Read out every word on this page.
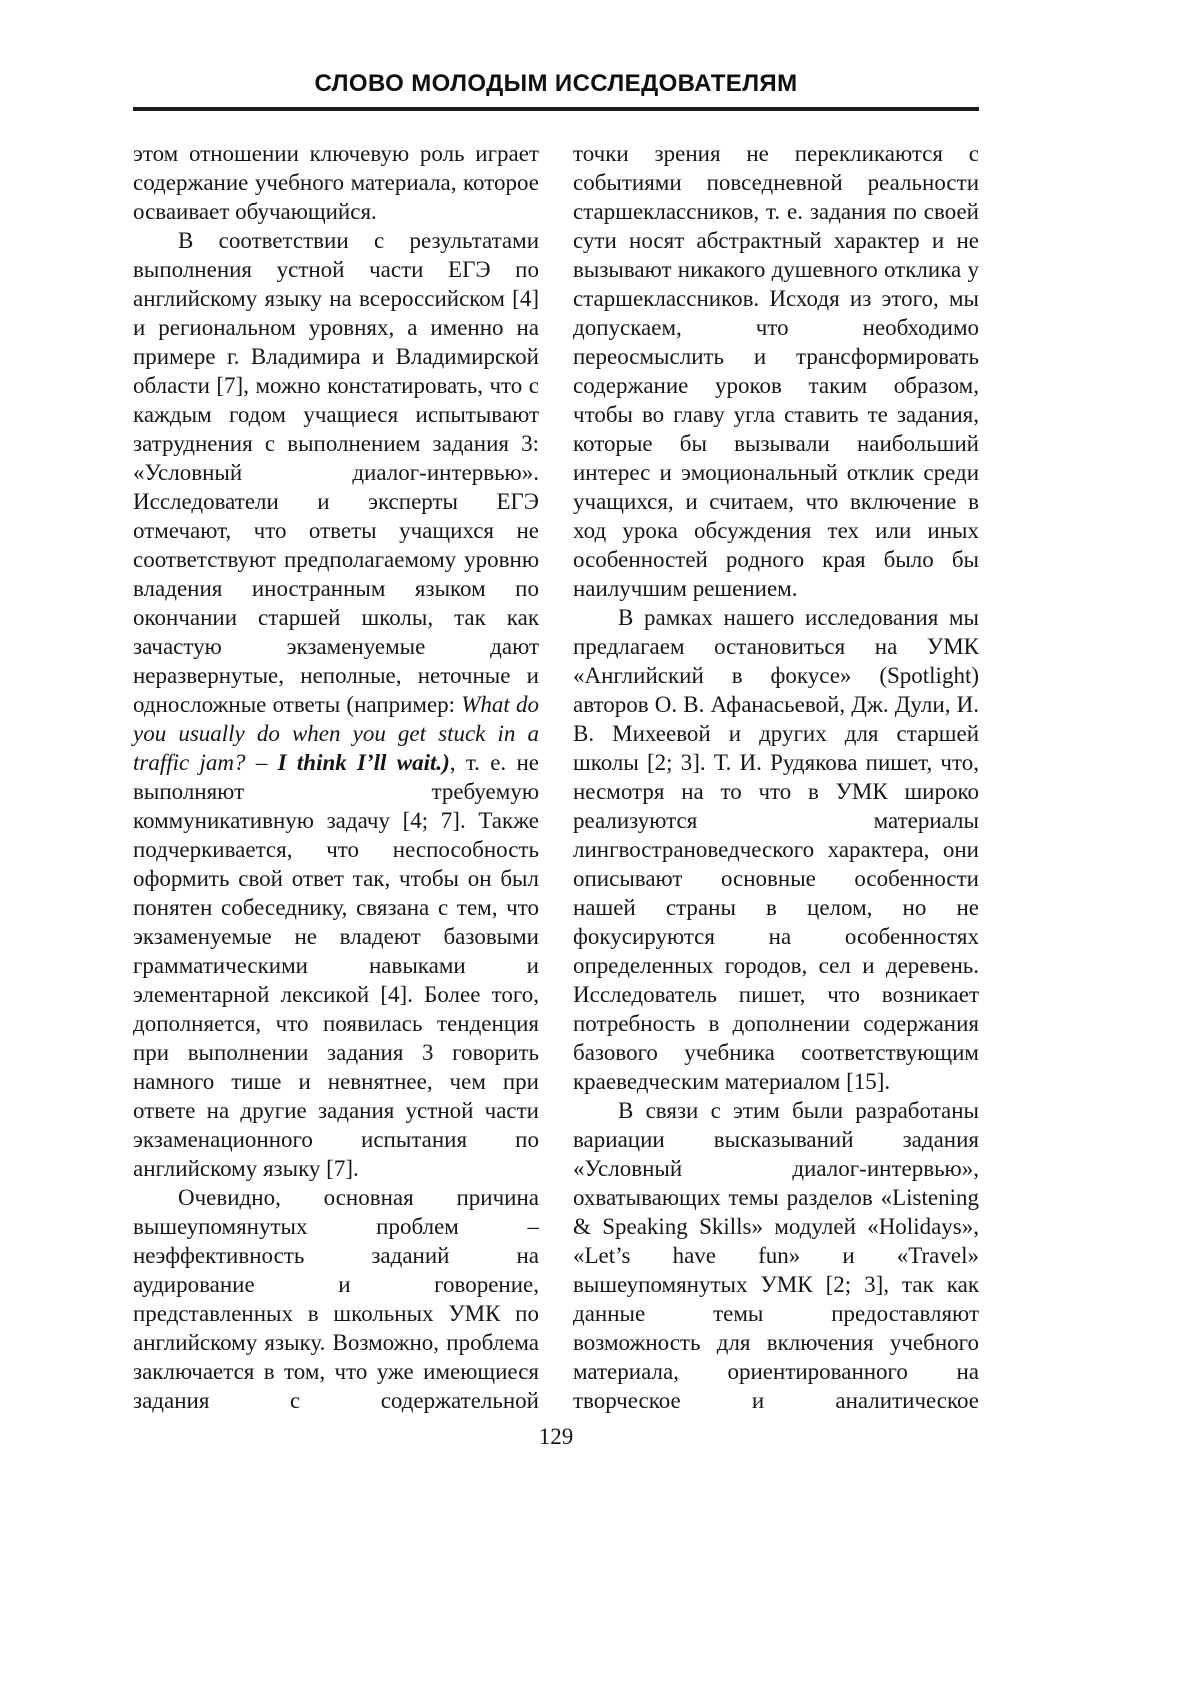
СЛОВО МОЛОДЫМ ИССЛЕДОВАТЕЛЯМ

этом отношении ключевую роль играет содержание учебного материала, которое осваивает обучающийся.

В соответствии с результатами выполнения устной части ЕГЭ по английскому языку на всероссийском [4] и региональном уровнях, а именно на примере г. Владимира и Владимирской области [7], можно констатировать, что с каждым годом учащиеся испытывают затруднения с выполнением задания 3: «Условный диалог-интервью». Исследователи и эксперты ЕГЭ отмечают, что ответы учащихся не соответствуют предполагаемому уровню владения иностранным языком по окончании старшей школы, так как зачастую экзаменуемые дают неразвернутые, неполные, неточные и односложные ответы (например: What do you usually do when you get stuck in a traffic jam? – I think I’ll wait.), т. е. не выполняют требуемую коммуникативную задачу [4; 7]. Также подчеркивается, что неспособность оформить свой ответ так, чтобы он был понятен собеседнику, связана с тем, что экзаменуемые не владеют базовыми грамматическими навыками и элементарной лексикой [4]. Более того, дополняется, что появилась тенденция при выполнении задания 3 говорить намного тише и невнятнее, чем при ответе на другие задания устной части экзаменационного испытания по английскому языку [7].

Очевидно, основная причина вышеупомянутых проблем – неэффективность заданий на аудирование и говорение, представленных в школьных УМК по английскому языку. Возможно, проблема заключается в том, что уже имеющиеся задания с содержательной

точки зрения не перекликаются с событиями повседневной реальности старшеклассников, т. е. задания по своей сути носят абстрактный характер и не вызывают никакого душевного отклика у старшеклассников. Исходя из этого, мы допускаем, что необходимо переосмыслить и трансформировать содержание уроков таким образом, чтобы во главу угла ставить те задания, которые бы вызывали наибольший интерес и эмоциональный отклик среди учащихся, и считаем, что включение в ход урока обсуждения тех или иных особенностей родного края было бы наилучшим решением.

В рамках нашего исследования мы предлагаем остановиться на УМК «Английский в фокусе» (Spotlight) авторов О. В. Афанасьевой, Дж. Дули, И. В. Михеевой и других для старшей школы [2; 3]. Т. И. Рудякова пишет, что, несмотря на то что в УМК широко реализуются материалы лингвострановедческого характера, они описывают основные особенности нашей страны в целом, но не фокусируются на особенностях определенных городов, сел и деревень. Исследователь пишет, что возникает потребность в дополнении содержания базового учебника соответствующим краеведческим материалом [15].

В связи с этим были разработаны вариации высказываний задания «Условный диалог-интервью», охватывающих темы разделов «Listening & Speaking Skills» модулей «Holidays», «Let’s have fun» и «Travel» вышеупомянутых УМК [2; 3], так как данные темы предоставляют возможность для включения учебного материала, ориентированного на творческое и аналитическое

129
